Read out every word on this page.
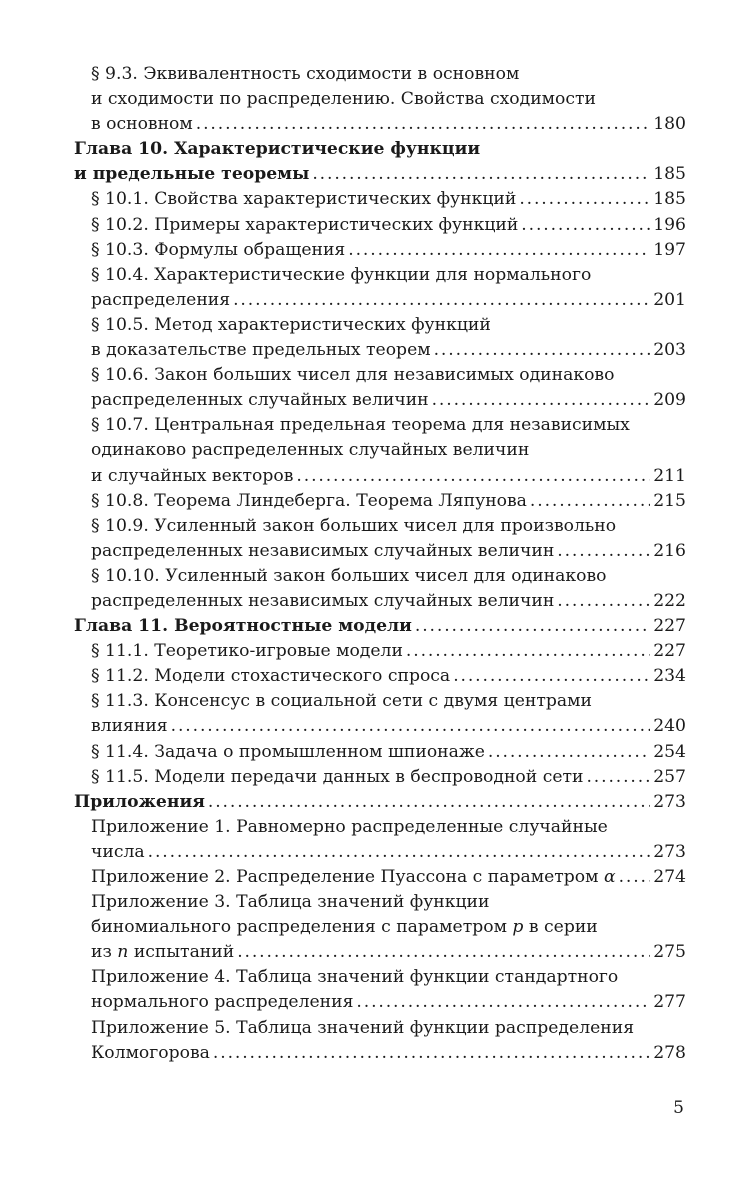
§ 9.3. Эквивалентность сходимости в основном
и сходимости по распределению. Свойства сходимости
в основном . . .	180
Глава 10. Характеристические функции
и предельные теоремы . . .	185
§ 10.1. Свойства характеристических функций . . .	185
§ 10.2. Примеры характеристических функций . . .	196
§ 10.3. Формулы обращения . . .	197
§ 10.4. Характеристические функции для нормального
распределения . . .	201
§ 10.5. Метод характеристических функций
в доказательстве предельных теорем . . .	203
§ 10.6. Закон больших чисел для независимых одинаково
распределенных случайных величин . . .	209
§ 10.7. Центральная предельная теорема для независимых
одинаково распределенных случайных величин
и случайных векторов . . .	211
§ 10.8. Теорема Линдеберга. Теорема Ляпунова . . .	215
§ 10.9. Усиленный закон больших чисел для произвольно
распределенных независимых случайных величин . . .	216
§ 10.10. Усиленный закон больших чисел для одинаково
распределенных независимых случайных величин . . .	222
Глава 11. Вероятностные модели . . .	227
§ 11.1. Теоретико-игровые модели . . .	227
§ 11.2. Модели стохастического спроса . . .	234
§ 11.3. Консенсус в социальной сети с двумя центрами
влияния . . .	240
§ 11.4. Задача о промышленном шпионаже . . .	254
§ 11.5. Модели передачи данных в беспроводной сети . . .	257
Приложения . . .	273
Приложение 1. Равномерно распределенные случайные
числа . . .	273
Приложение 2. Распределение Пуассона с параметром α . . . 274
Приложение 3. Таблица значений функции
биномиального распределения с параметром p в серии
из n испытаний . . .	275
Приложение 4. Таблица значений функции стандартного
нормального распределения . . .	277
Приложение 5. Таблица значений функции распределения
Колмогорова . . .	278
5
